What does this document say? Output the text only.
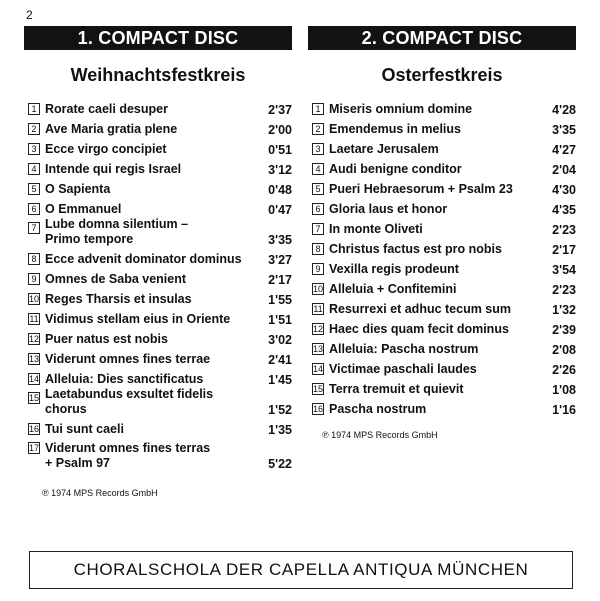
2
1. COMPACT DISC
Weihnachtsfestkreis
1 Rorate caeli desuper	2'37
2 Ave Maria gratia plene	2'00
3 Ecce virgo concipiet	0'51
4 Intende qui regis Israel	3'12
5 O Sapienta	0'48
6 O Emmanuel	0'47
7 Lube domna silentium –
Primo tempore	3'35
8 Ecce advenit dominator dominus	3'27
9 Omnes de Saba venient	2'17
10 Reges Tharsis et insulas	1'55
11 Vidimus stellam eius in Oriente	1'51
12 Puer natus est nobis	3'02
13 Viderunt omnes fines terrae	2'41
14 Alleluia: Dies sanctificatus	1'45
15 Laetabundus exsultet fidelis
chorus	1'52
16 Tui sunt caeli	1'35
17 Viderunt omnes fines terras
+ Psalm 97	5'22
℗ 1974 MPS Records GmbH
2. COMPACT DISC
Osterfestkreis
1 Miseris omnium domine	4'28
2 Emendemus in melius	3'35
3 Laetare Jerusalem	4'27
4 Audi benigne conditor	2'04
5 Pueri Hebraesorum + Psalm 23	4'30
6 Gloria laus et honor	4'35
7 In monte Oliveti	2'23
8 Christus factus est pro nobis	2'17
9 Vexilla regis prodeunt	3'54
10 Alleluia + Confitemini	2'23
11 Resurrexi et adhuc tecum sum	1'32
12 Haec dies quam fecit dominus	2'39
13 Alleluia: Pascha nostrum	2'08
14 Victimae paschali laudes	2'26
15 Terra tremuit et quievit	1'08
16 Pascha nostrum	1'16
℗ 1974 MPS Records GmbH
CHORALSCHOLA DER CAPELLA ANTIQUA MÜNCHEN
